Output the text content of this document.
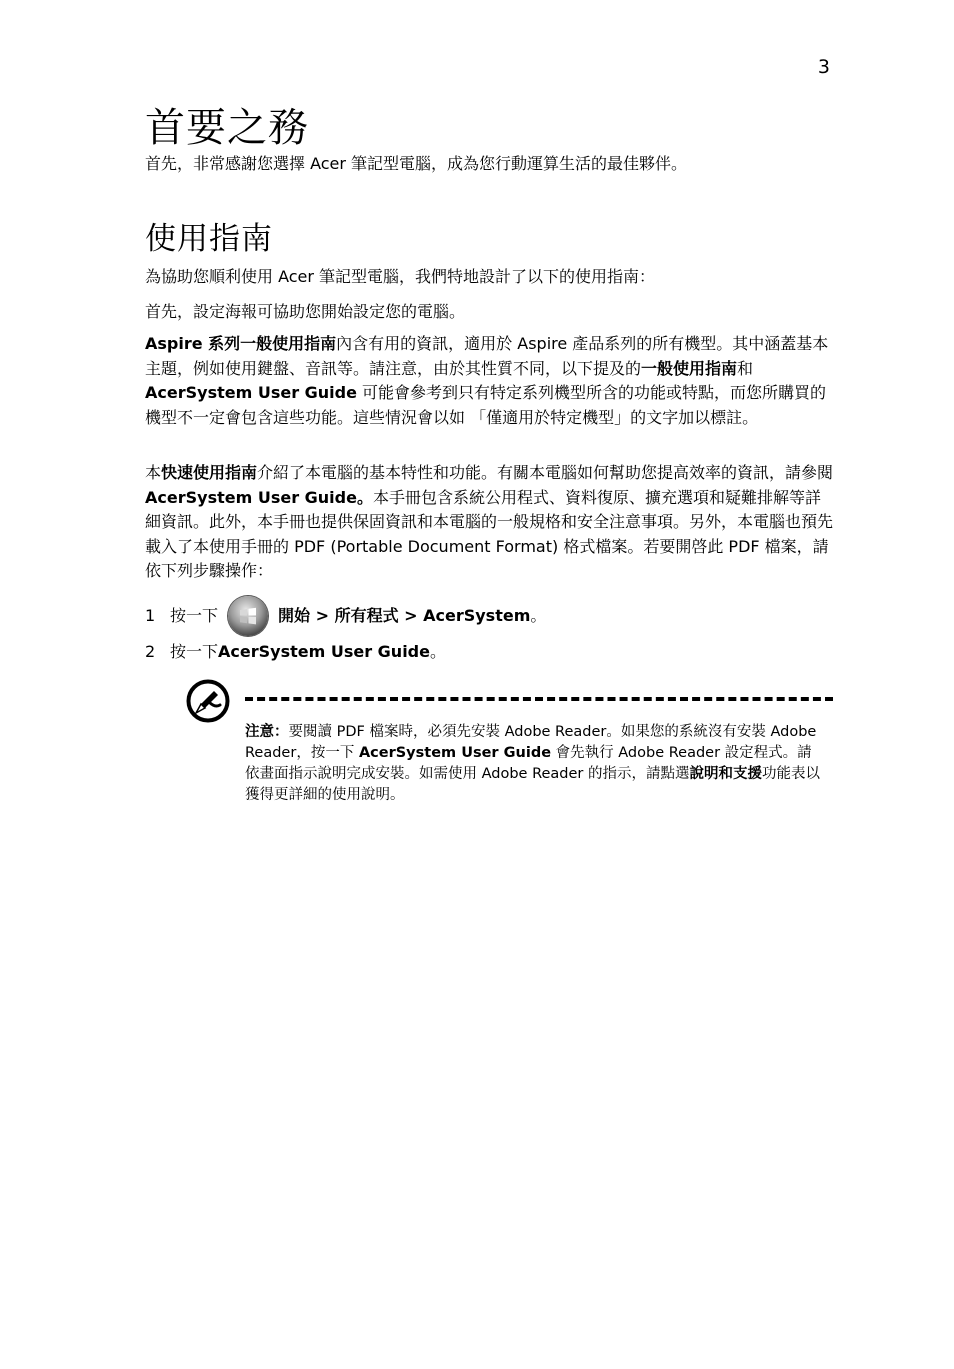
3
首要之務
首先，非常感謝您選擇 Acer 筆記型電腦，成為您行動運算生活的最佳夥伴。
使用指南
為協助您順利使用 Acer 筆記型電腦，我們特地設計了以下的使用指南：
首先，設定海報可協助您開始設定您的電腦。
Aspire 系列一般使用指南內含有用的資訊，適用於 Aspire 產品系列的所有機型。其中涵蓋基本主題，例如使用鍵盤、音訊等。請注意，由於其性質不同，以下提及的一般使用指南和 AcerSystem User Guide 可能會參考到只有特定系列機型所含的功能或特點，而您所購買的機型不一定會包含這些功能。這些情況會以如 「僅適用於特定機型」的文字加以標註。
本快速使用指南介紹了本電腦的基本特性和功能。有關本電腦如何幫助您提高效率的資訊，請參閱 AcerSystem User Guide。本手冊包含系統公用程式、資料復原、擴充選項和疑難排解等詳細資訊。此外，本手冊也提供保固資訊和本電腦的一般規格和安全注意事項。另外，本電腦也預先載入了本使用手冊的 PDF (Portable Document Format) 格式檔案。若要開啓此 PDF 檔案，請依下列步驟操作：
1 按一下	開始 > 所有程式 > AcerSystem 。
2 按一下 AcerSystem User Guide 。
注意：要閱讀 PDF 檔案時，必須先安裝 Adobe Reader。如果您的系統沒有安裝 Adobe Reader，按一下 AcerSystem User Guide 會先執行 Adobe Reader 設定程式。請依畫面指示說明完成安裝。如需使用 Adobe Reader 的指示，請點選說明和支援功能表以獲得更詳細的使用說明。
